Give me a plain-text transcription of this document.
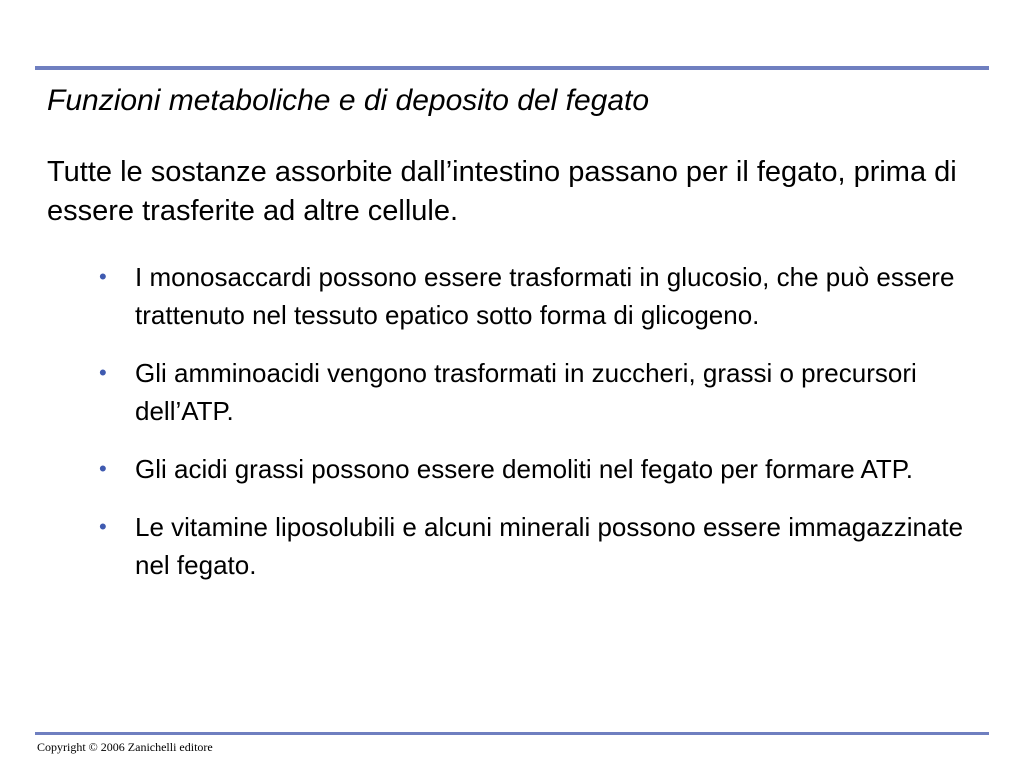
Funzioni metaboliche e di deposito del fegato

Tutte le sostanze assorbite dall’intestino passano per il fegato, prima di essere trasferite ad altre cellule.

• I monosaccardi possono essere trasformati in glucosio, che può essere trattenuto nel tessuto epatico sotto forma di glicogeno.
• Gli amminoacidi vengono trasformati in zuccheri, grassi o precursori dell’ATP.
• Gli acidi grassi possono essere demoliti nel fegato per formare ATP.
• Le vitamine liposolubili e alcuni minerali possono essere immagazzinate nel fegato.
Copyright © 2006 Zanichelli editore
